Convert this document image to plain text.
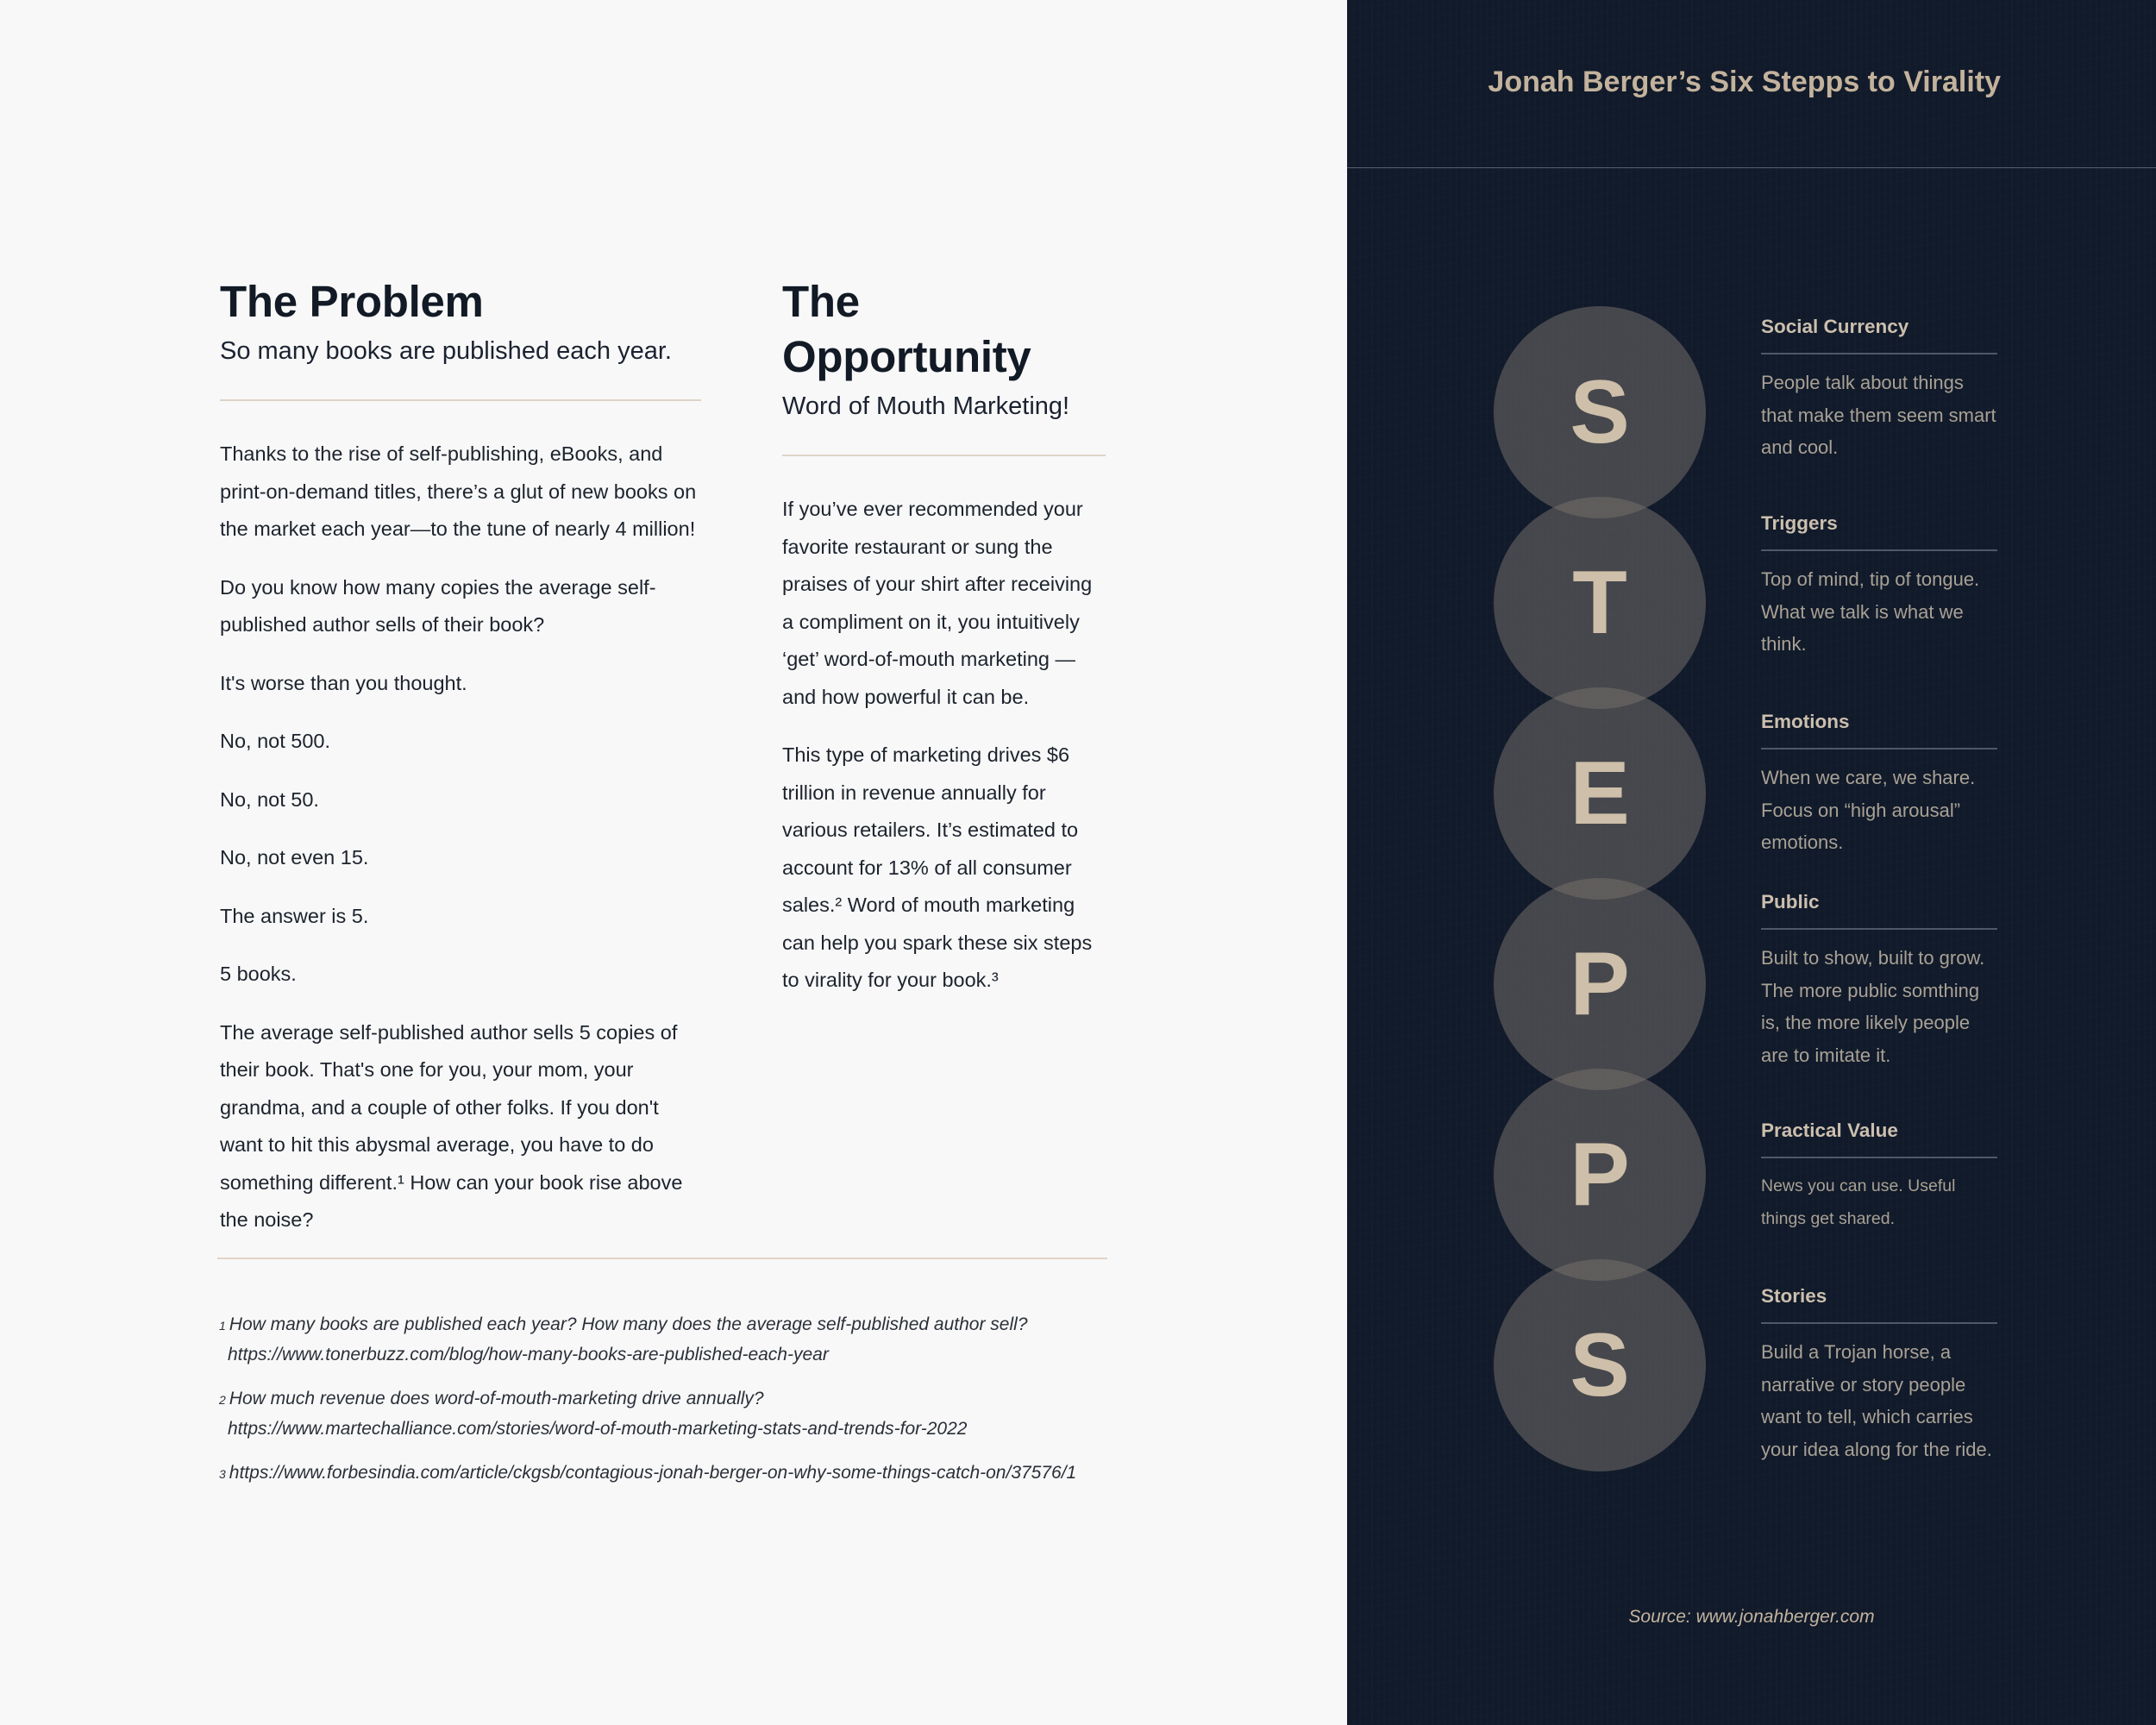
The Problem
So many books are published each year.

Thanks to the rise of self-publishing, eBooks, and print-on-demand titles, there’s a glut of new books on the market each year—to the tune of nearly 4 million!

Do you know how many copies the average self-published author sells of their book?

It's worse than you thought.

No, not 500.

No, not 50.

No, not even 15.

The answer is 5.

5 books.

The average self-published author sells 5 copies of their book. That's one for you, your mom, your grandma, and a couple of other folks. If you don't want to hit this abysmal average, you have to do something different.¹ How can your book rise above the noise?

The Opportunity
Word of Mouth Marketing!

If you’ve ever recommended your favorite restaurant or sung the praises of your shirt after receiving a compliment on it, you intuitively ‘get’ word-of-mouth marketing — and how powerful it can be.

This type of marketing drives $6 trillion in revenue annually for various retailers. It’s estimated to account for 13% of all consumer sales.² Word of mouth marketing can help you spark these six steps to virality for your book.³

$^1$ How many books are published each year? How many does the average self-published author sell?
https://www.tonerbuzz.com/blog/how-many-books-are-published-each-year
$^2$ How much revenue does word-of-mouth-marketing drive annually?
https://www.martechalliance.com/stories/word-of-mouth-marketing-stats-and-trends-for-2022
$^3$ https://www.forbesindia.com/article/ckgsb/contagious-jonah-berger-on-why-some-things-catch-on/37576/1
Jonah Berger’s Six Stepps to Virality
S
T
E
P
P
S
Social Currency

People talk about things that make them seem smart and cool.

Triggers

Top of mind, tip of tongue. What we talk is what we think.

Emotions

When we care, we share. Focus on “high arousal” emotions.

Public

Built to show, built to grow. The more public somthing is, the more likely people are to imitate it.

Practical Value

News you can use. Useful things get shared.

Stories

Build a Trojan horse, a narrative or story people want to tell, which carries your idea along for the ride.

Source: www.jonahberger.com
